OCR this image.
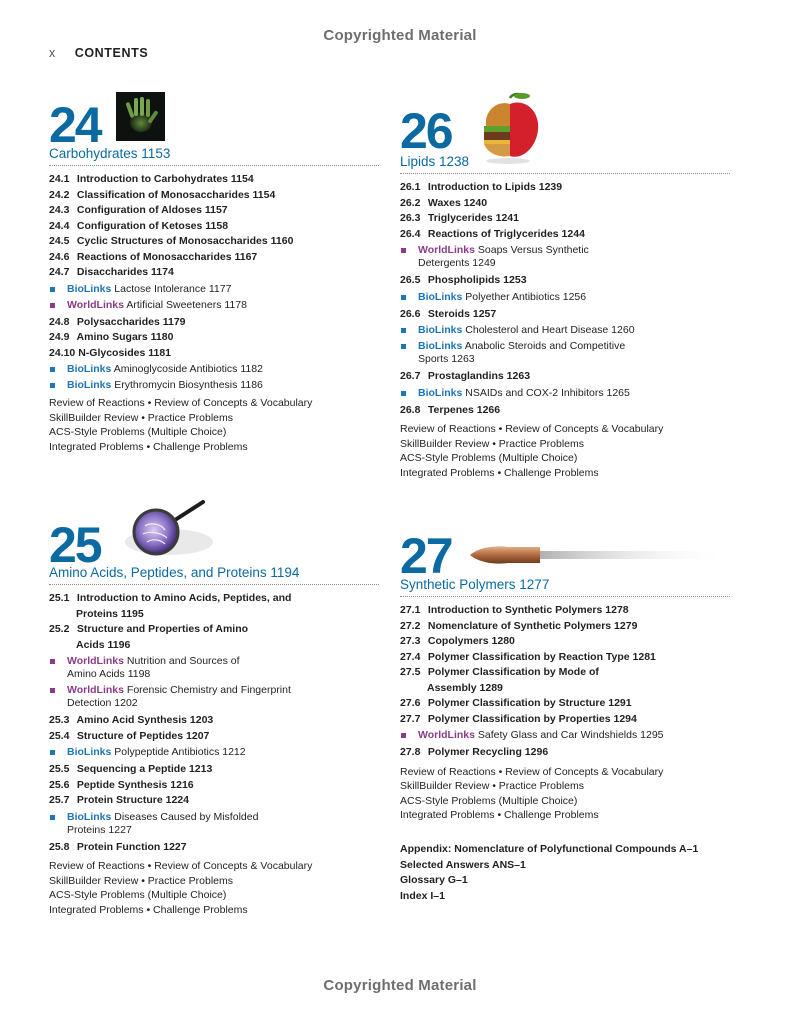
Copyrighted Material
x CONTENTS
24
Carbohydrates 1153
24.1 Introduction to Carbohydrates 1154
24.2 Classification of Monosaccharides 1154
24.3 Configuration of Aldoses 1157
24.4 Configuration of Ketoses 1158
24.5 Cyclic Structures of Monosaccharides 1160
24.6 Reactions of Monosaccharides 1167
24.7 Disaccharides 1174
BioLinks Lactose Intolerance 1177
WorldLinks Artificial Sweeteners 1178
24.8 Polysaccharides 1179
24.9 Amino Sugars 1180
24.10 N-Glycosides 1181
BioLinks Aminoglycoside Antibiotics 1182
BioLinks Erythromycin Biosynthesis 1186
Review of Reactions • Review of Concepts & Vocabulary
SkillBuilder Review • Practice Problems
ACS-Style Problems (Multiple Choice)
Integrated Problems • Challenge Problems
26
Lipids 1238
26.1 Introduction to Lipids 1239
26.2 Waxes 1240
26.3 Triglycerides 1241
26.4 Reactions of Triglycerides 1244
WorldLinks Soaps Versus Synthetic
Detergents 1249
26.5 Phospholipids 1253
BioLinks Polyether Antibiotics 1256
26.6 Steroids 1257
BioLinks Cholesterol and Heart Disease 1260
BioLinks Anabolic Steroids and Competitive
Sports 1263
26.7 Prostaglandins 1263
BioLinks NSAIDs and COX-2 Inhibitors 1265
26.8 Terpenes 1266
Review of Reactions • Review of Concepts & Vocabulary
SkillBuilder Review • Practice Problems
ACS-Style Problems (Multiple Choice)
Integrated Problems • Challenge Problems
25
Amino Acids, Peptides, and Proteins 1194
25.1 Introduction to Amino Acids, Peptides, and
Proteins 1195
25.2 Structure and Properties of Amino
Acids 1196
WorldLinks Nutrition and Sources of
Amino Acids 1198
WorldLinks Forensic Chemistry and Fingerprint
Detection 1202
25.3 Amino Acid Synthesis 1203
25.4 Structure of Peptides 1207
BioLinks Polypeptide Antibiotics 1212
25.5 Sequencing a Peptide 1213
25.6 Peptide Synthesis 1216
25.7 Protein Structure 1224
BioLinks Diseases Caused by Misfolded
Proteins 1227
25.8 Protein Function 1227
Review of Reactions • Review of Concepts & Vocabulary
SkillBuilder Review • Practice Problems
ACS-Style Problems (Multiple Choice)
Integrated Problems • Challenge Problems
27
Synthetic Polymers 1277
27.1 Introduction to Synthetic Polymers 1278
27.2 Nomenclature of Synthetic Polymers 1279
27.3 Copolymers 1280
27.4 Polymer Classification by Reaction Type 1281
27.5 Polymer Classification by Mode of
Assembly 1289
27.6 Polymer Classification by Structure 1291
27.7 Polymer Classification by Properties 1294
WorldLinks Safety Glass and Car Windshields 1295
27.8 Polymer Recycling 1296
Review of Reactions • Review of Concepts & Vocabulary
SkillBuilder Review • Practice Problems
ACS-Style Problems (Multiple Choice)
Integrated Problems • Challenge Problems
Appendix: Nomenclature of Polyfunctional Compounds A–1
Selected Answers ANS–1
Glossary G–1
Index I–1
Copyrighted Material
